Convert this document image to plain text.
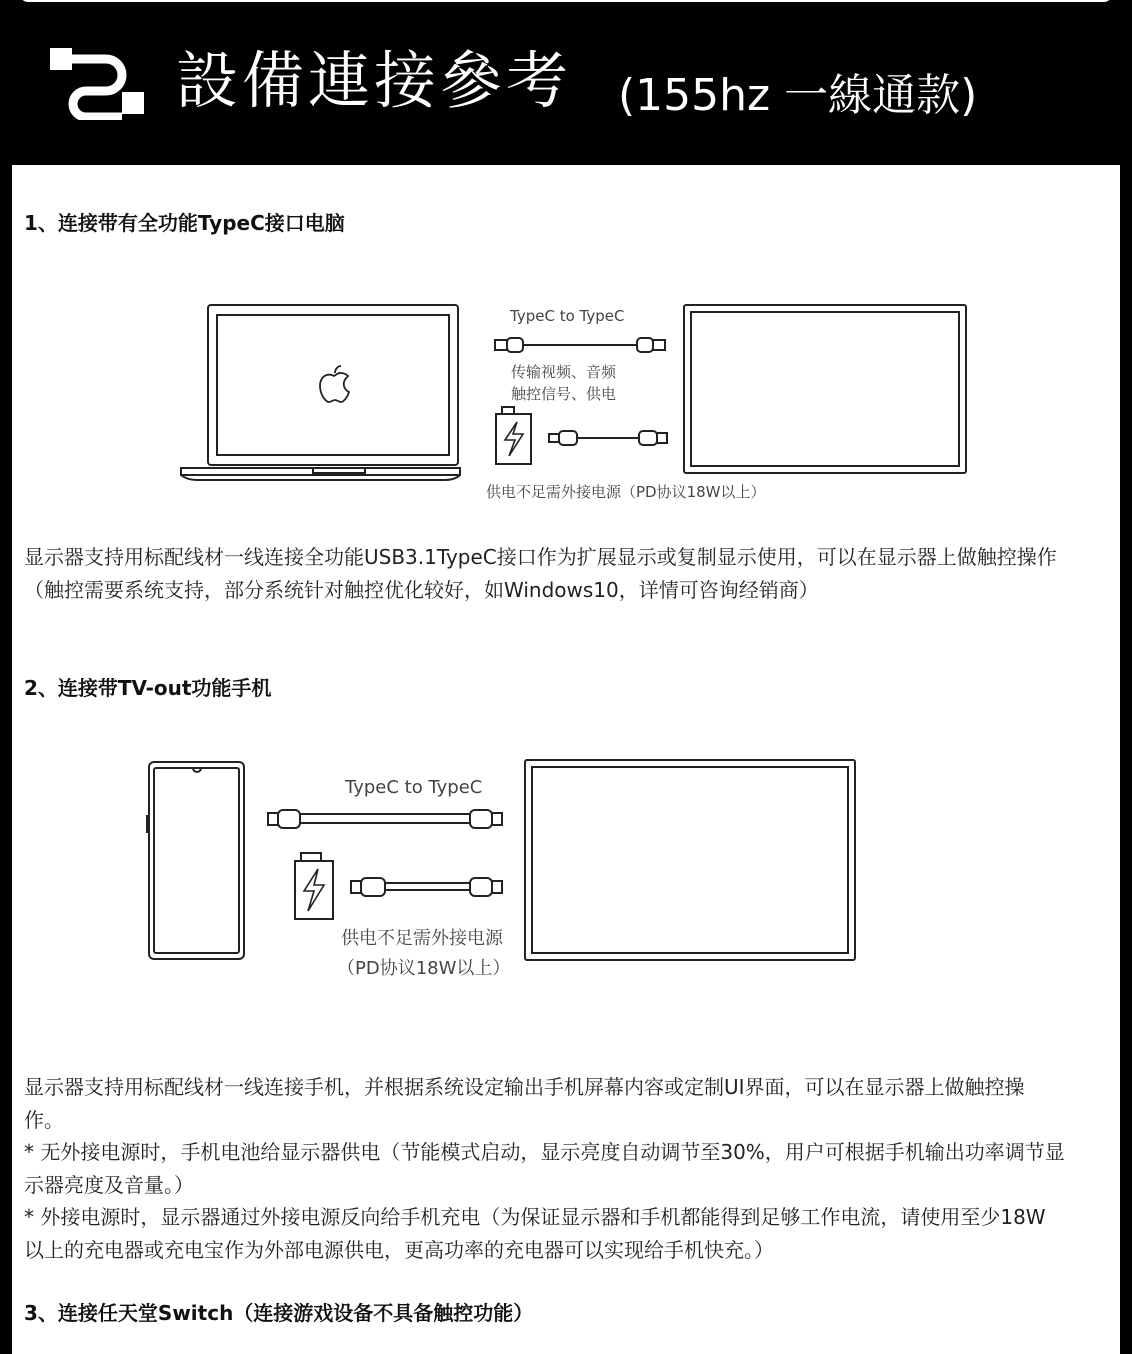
設備連接參考 (155hz 一線通款)
1、连接带有全功能TypeC接口电脑
TypeC to TypeC
传输视频、音频
触控信号、供电
供电不足需外接电源（PD协议18W以上）
显示器支持用标配线材一线连接全功能USB3.1TypeC接口作为扩展显示或复制显示使用，可以在显示器上做触控操作
（触控需要系统支持，部分系统针对触控优化较好，如Windows10，详情可咨询经销商）
2、连接带TV-out功能手机
TypeC to TypeC
供电不足需外接电源
（PD协议18W以上）
显示器支持用标配线材一线连接手机，并根据系统设定输出手机屏幕内容或定制UI界面，可以在显示器上做触控操
作。
* 无外接电源时，手机电池给显示器供电（节能模式启动，显示亮度自动调节至30%，用户可根据手机输出功率调节显
示器亮度及音量。）
* 外接电源时，显示器通过外接电源反向给手机充电（为保证显示器和手机都能得到足够工作电流，请使用至少18W
以上的充电器或充电宝作为外部电源供电，更高功率的充电器可以实现给手机快充。）
3、连接任天堂Switch（连接游戏设备不具备触控功能）
